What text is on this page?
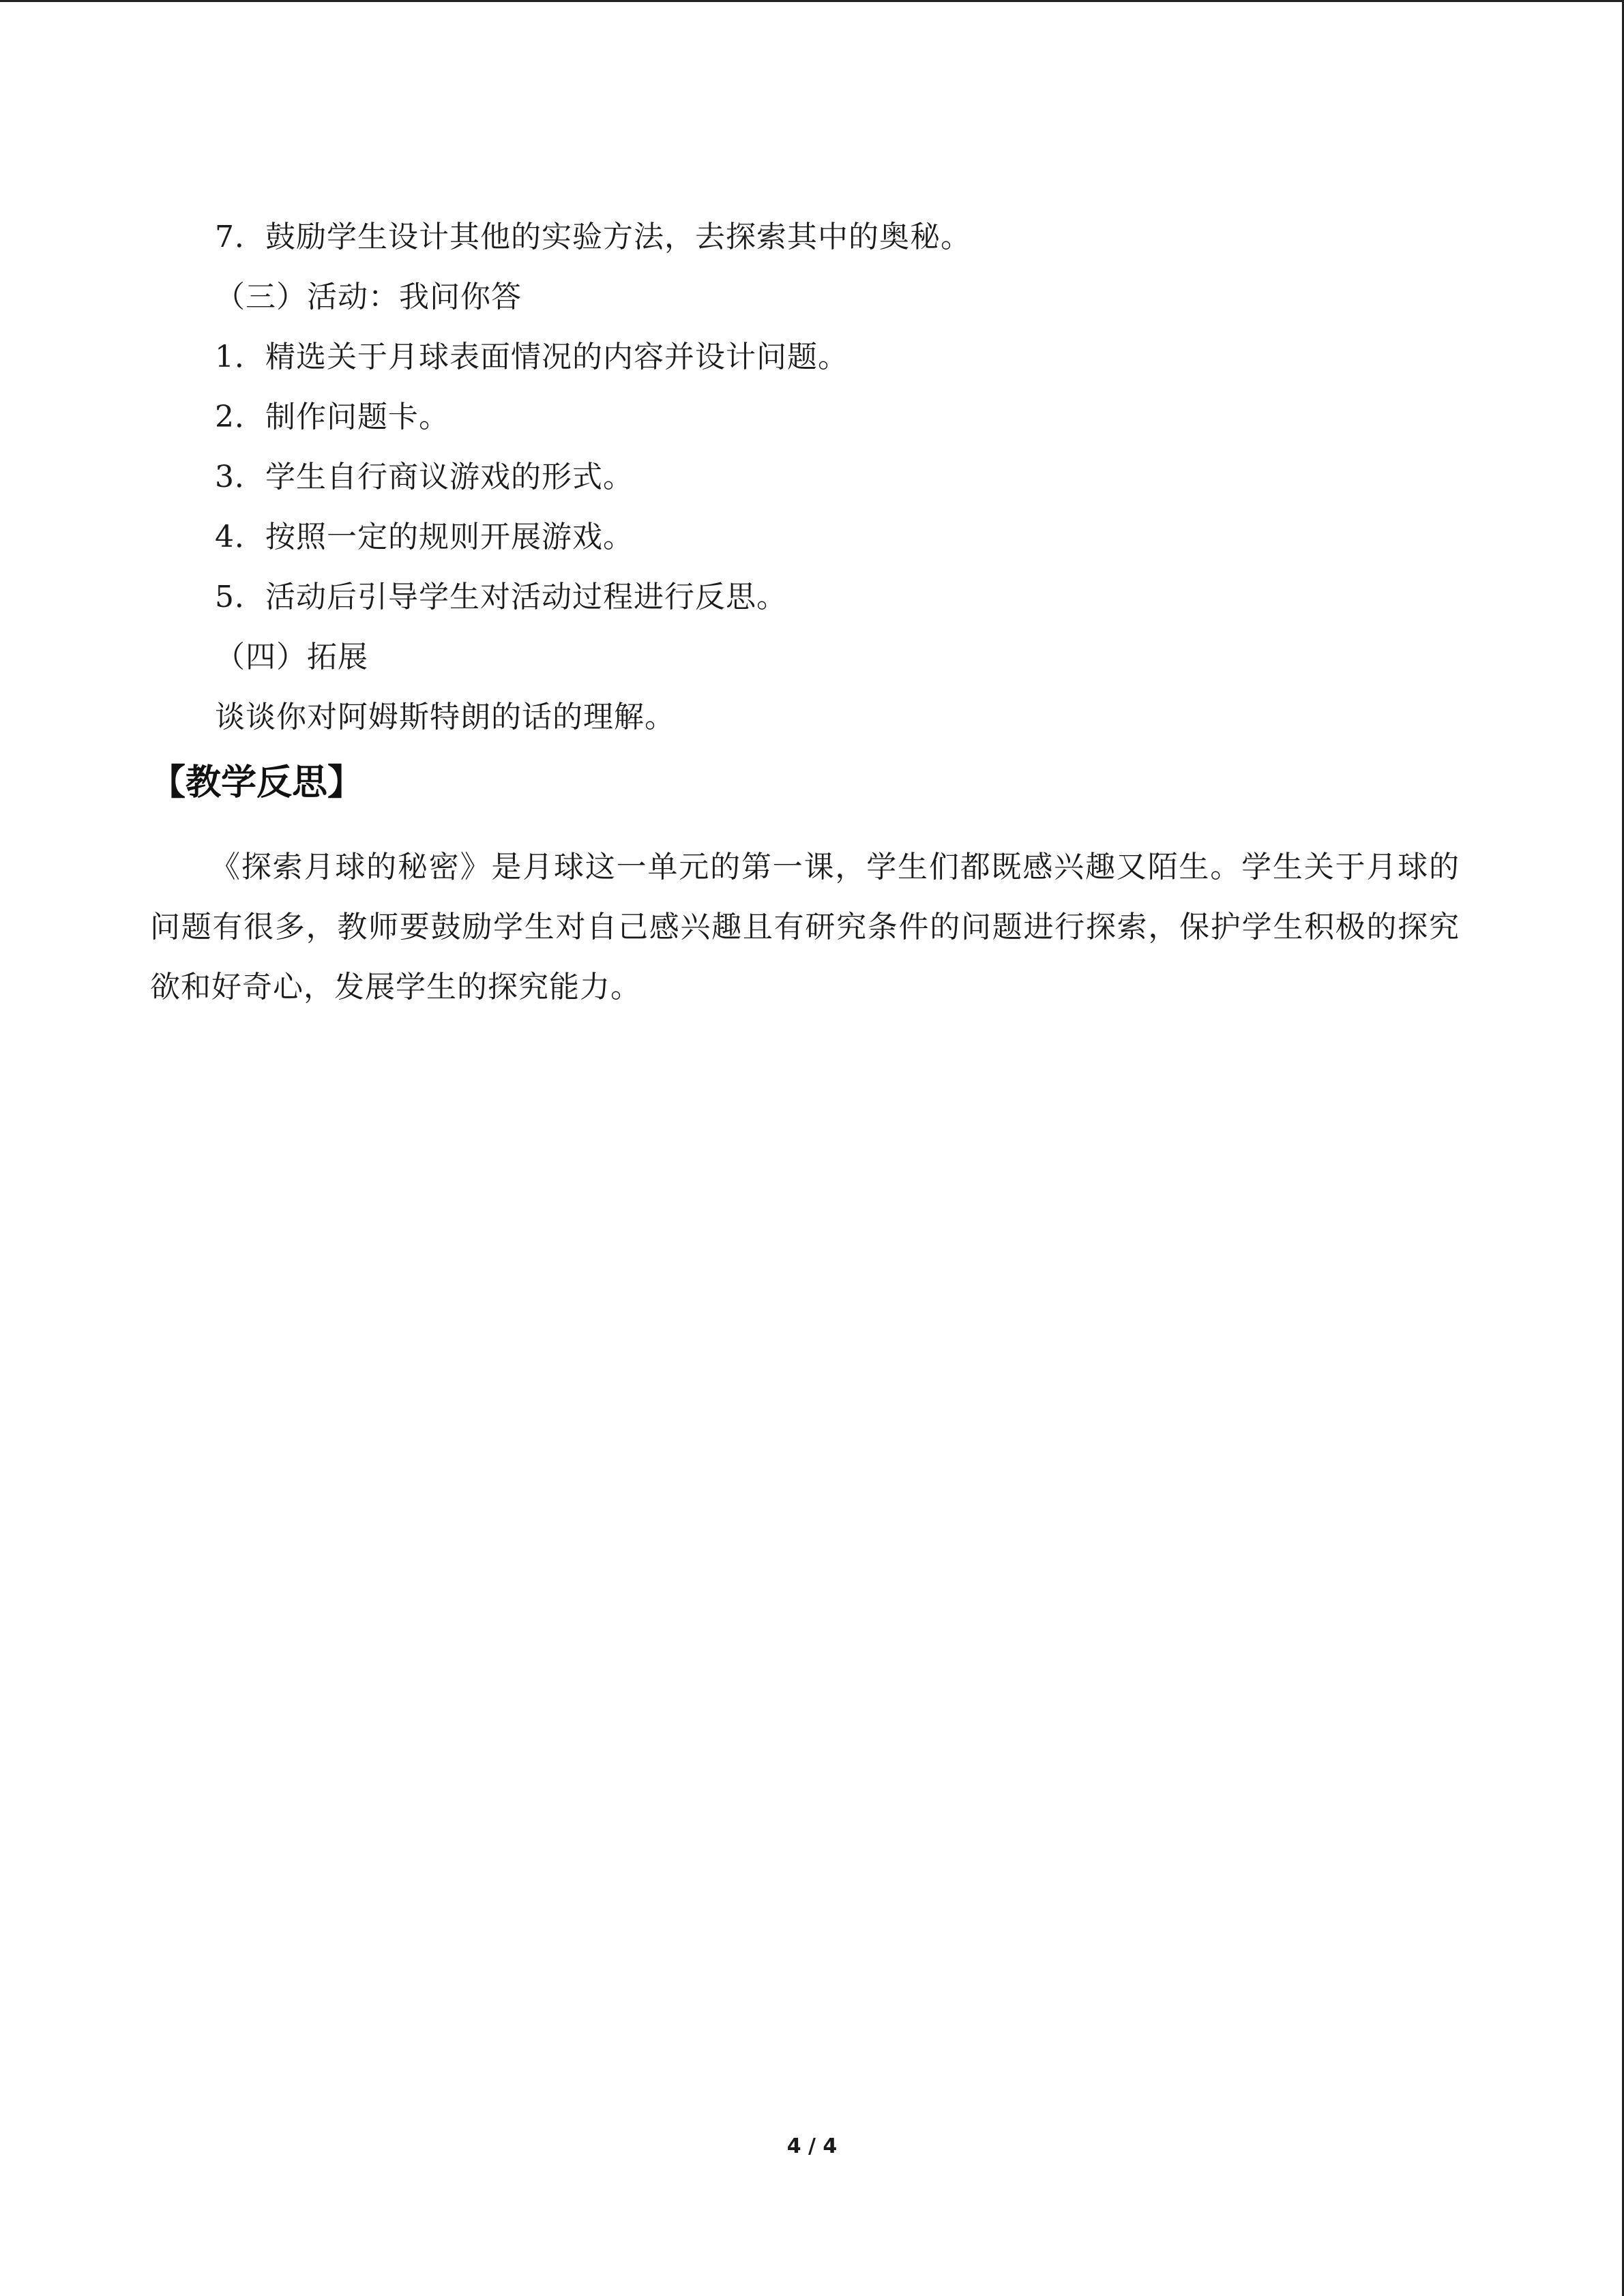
7．鼓励学生设计其他的实验方法，去探索其中的奥秘。
（三）活动：我问你答
1．精选关于月球表面情况的内容并设计问题。
2．制作问题卡。
3．学生自行商议游戏的形式。
4．按照一定的规则开展游戏。
5．活动后引导学生对活动过程进行反思。
（四）拓展
谈谈你对阿姆斯特朗的话的理解。
【教学反思】
《探索月球的秘密》是月球这一单元的第一课，学生们都既感兴趣又陌生。学生关于月球的问题有很多，教师要鼓励学生对自己感兴趣且有研究条件的问题进行探索，保护学生积极的探究欲和好奇心，发展学生的探究能力。
4 / 4
